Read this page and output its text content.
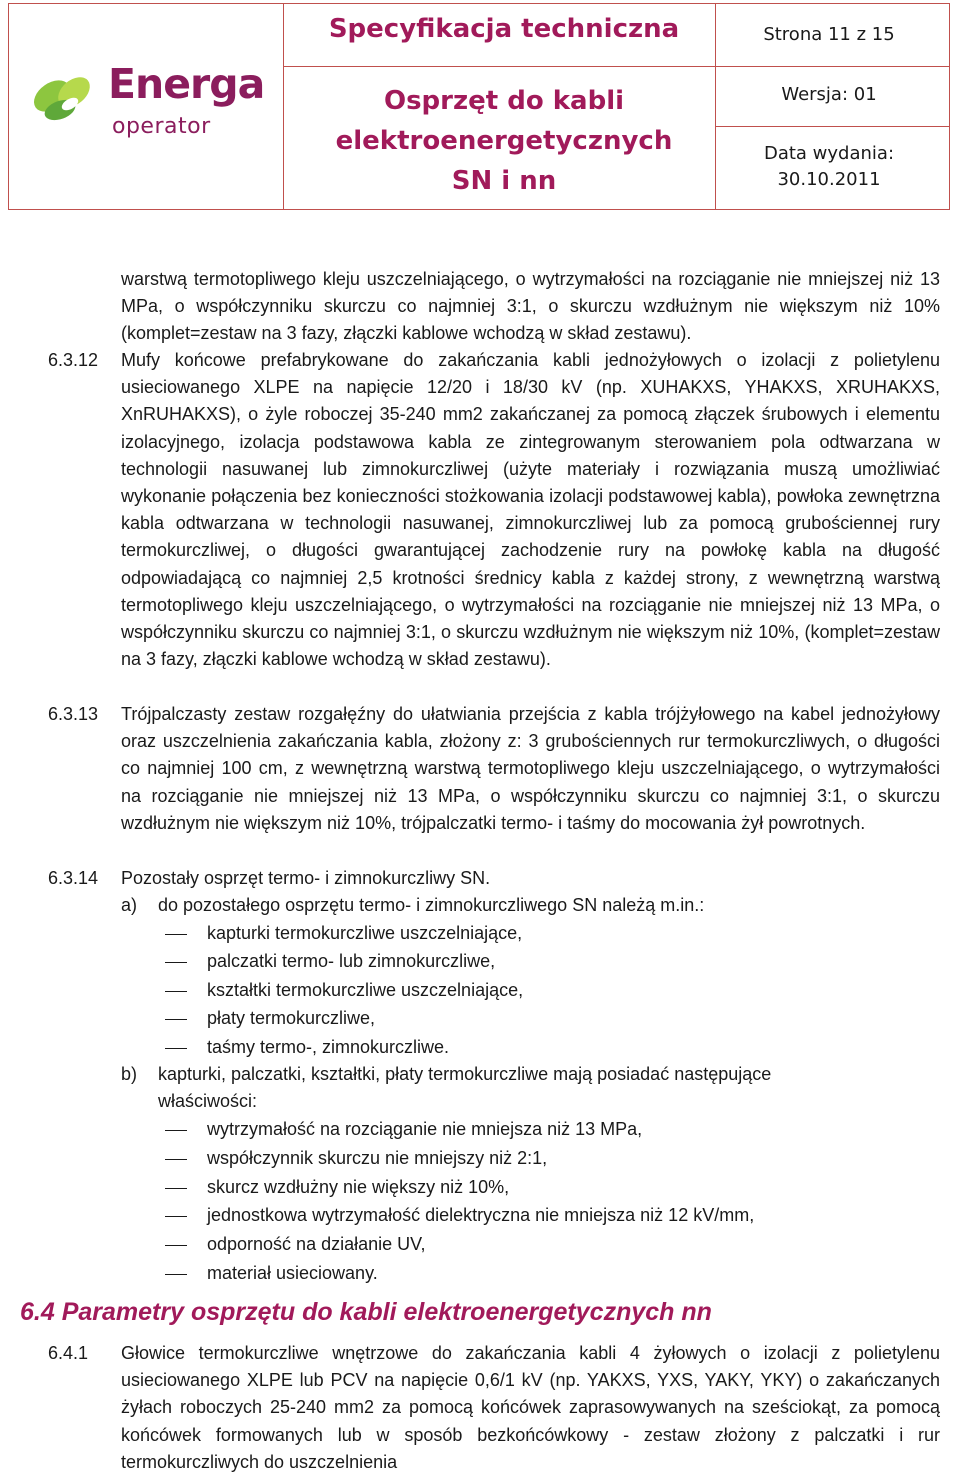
Energa
operator
Specyfikacja techniczna
Osprzęt do kabli
elektroenergetycznych
SN i nn
Strona 11 z 15
Wersja: 01
Data wydania:
30.10.2011

warstwą termotopliwego kleju uszczelniającego, o wytrzymałości na rozciąganie nie mniejszej niż 13 MPa, o współczynniku skurczu co najmniej 3:1, o skurczu wzdłużnym nie większym niż 10% (komplet=zestaw na 3 fazy, złączki kablowe wchodzą w skład zestawu).

6.3.12 Mufy końcowe prefabrykowane do zakańczania kabli jednożyłowych o izolacji z polietylenu usieciowanego XLPE na napięcie 12/20 i 18/30 kV (np. XUHAKXS, YHAKXS, XRUHAKXS, XnRUHAKXS), o żyle roboczej 35-240 mm2 zakańczanej za pomocą złączek śrubowych i elementu izolacyjnego, izolacja podstawowa kabla ze zintegrowanym sterowaniem pola odtwarzana w technologii nasuwanej lub zimnokurczliwej (użyte materiały i rozwiązania muszą umożliwiać wykonanie połączenia bez konieczności stożkowania izolacji podstawowej kabla), powłoka zewnętrzna kabla odtwarzana w technologii nasuwanej, zimnokurczliwej lub za pomocą grubościennej rury termokurczliwej, o długości gwarantującej zachodzenie rury na powłokę kabla na długość odpowiadającą co najmniej 2,5 krotności średnicy kabla z każdej strony, z wewnętrzną warstwą termotopliwego kleju uszczelniającego, o wytrzymałości na rozciąganie nie mniejszej niż 13 MPa, o współczynniku skurczu co najmniej 3:1, o skurczu wzdłużnym nie większym niż 10%, (komplet=zestaw na 3 fazy, złączki kablowe wchodzą w skład zestawu).

6.3.13 Trójpalczasty zestaw rozgałęźny do ułatwiania przejścia z kabla trójżyłowego na kabel jednożyłowy oraz uszczelnienia zakańczania kabla, złożony z: 3 grubościennych rur termokurczliwych, o długości co najmniej 100 cm, z wewnętrzną warstwą termotopliwego kleju uszczelniającego, o wytrzymałości na rozciąganie nie mniejszej niż 13 MPa, o współczynniku skurczu co najmniej 3:1, o skurczu wzdłużnym nie większym niż 10%, trójpalczatki termo- i taśmy do mocowania żył powrotnych.

6.3.14 Pozostały osprzęt termo- i zimnokurczliwy SN.
a) do pozostałego osprzętu termo- i zimnokurczliwego SN należą m.in.:
kapturki termokurczliwe uszczelniające,
palczatki termo- lub zimnokurczliwe,
kształtki termokurczliwe uszczelniające,
płaty termokurczliwe,
taśmy termo-, zimnokurczliwe.
b) kapturki, palczatki, kształtki, płaty termokurczliwe mają posiadać następujące
właściwości:
wytrzymałość na rozciąganie nie mniejsza niż 13 MPa,
współczynnik skurczu nie mniejszy niż 2:1,
skurcz wzdłużny nie większy niż 10%,
jednostkowa wytrzymałość dielektryczna nie mniejsza niż 12 kV/mm,
odporność na działanie UV,
materiał usieciowany.
6.4 Parametry osprzętu do kabli elektroenergetycznych nn
6.4.1 Głowice termokurczliwe wnętrzowe do zakańczania kabli 4 żyłowych o izolacji z polietylenu usieciowanego XLPE lub PCV na napięcie 0,6/1 kV (np. YAKXS, YXS, YAKY, YKY) o zakańczanych żyłach roboczych 25-240 mm2 za pomocą końcówek zaprasowywanych na sześciokąt, za pomocą końcówek formowanych lub w sposób bezkońcówkowy - zestaw złożony z palczatki i rur termokurczliwych do uszczelnienia
